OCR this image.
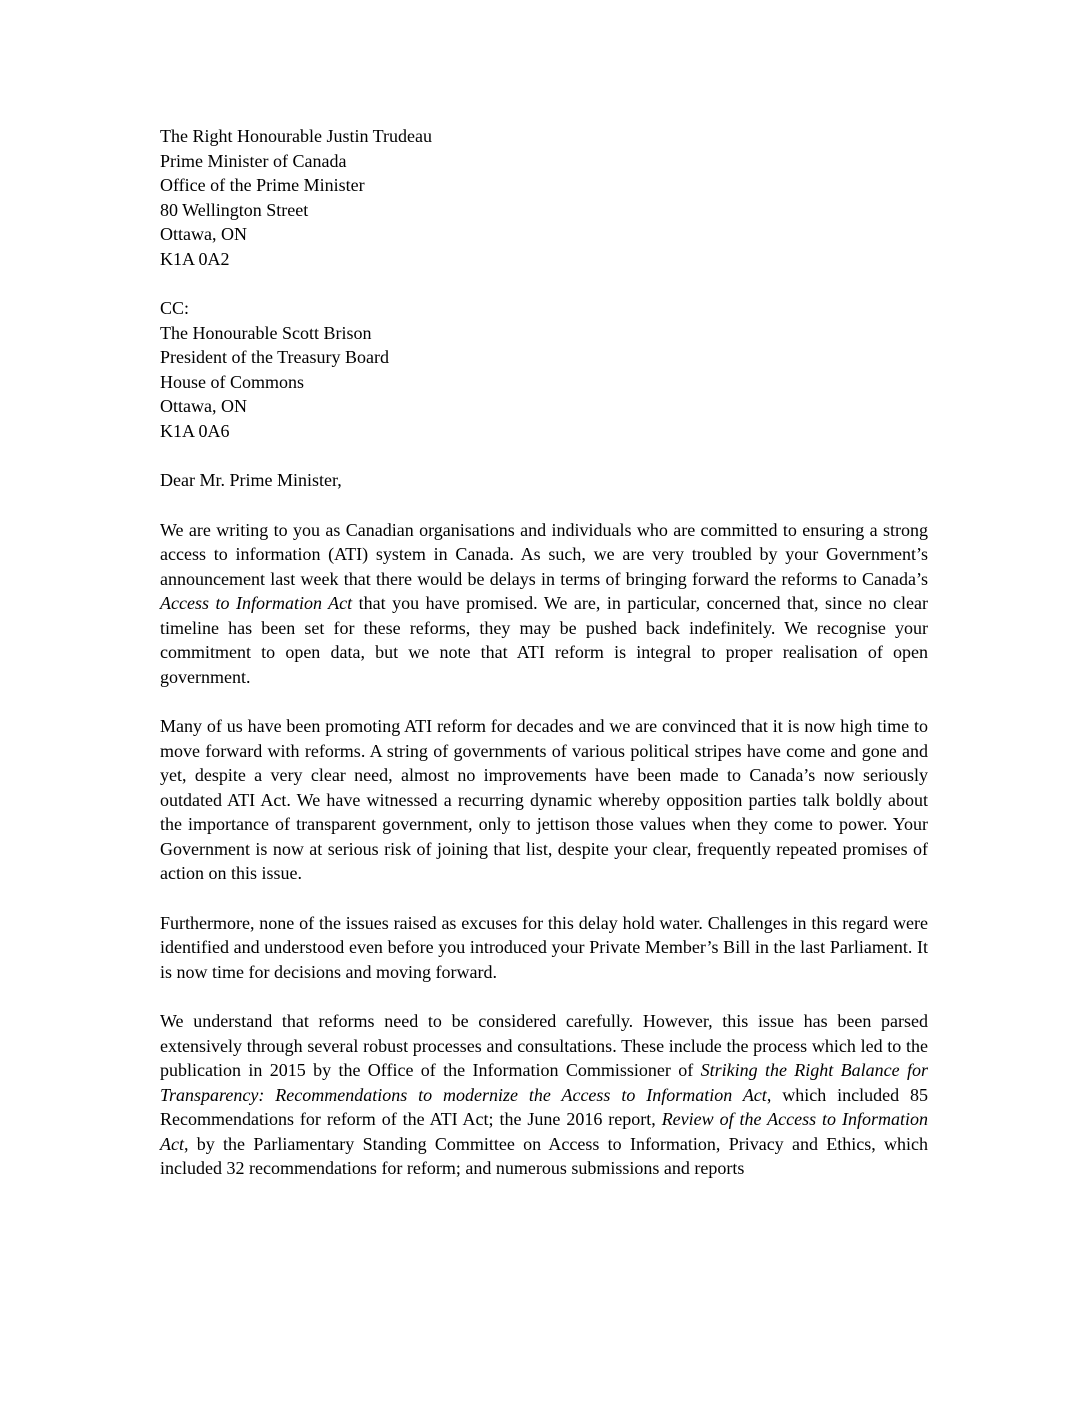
The Right Honourable Justin Trudeau
Prime Minister of Canada
Office of the Prime Minister
80 Wellington Street
Ottawa, ON
K1A 0A2
CC:
The Honourable Scott Brison
President of the Treasury Board
House of Commons
Ottawa, ON
K1A 0A6
Dear Mr. Prime Minister,

We are writing to you as Canadian organisations and individuals who are committed to ensuring a strong access to information (ATI) system in Canada. As such, we are very troubled by your Government’s announcement last week that there would be delays in terms of bringing forward the reforms to Canada’s Access to Information Act that you have promised. We are, in particular, concerned that, since no clear timeline has been set for these reforms, they may be pushed back indefinitely. We recognise your commitment to open data, but we note that ATI reform is integral to proper realisation of open government.

Many of us have been promoting ATI reform for decades and we are convinced that it is now high time to move forward with reforms. A string of governments of various political stripes have come and gone and yet, despite a very clear need, almost no improvements have been made to Canada’s now seriously outdated ATI Act. We have witnessed a recurring dynamic whereby opposition parties talk boldly about the importance of transparent government, only to jettison those values when they come to power. Your Government is now at serious risk of joining that list, despite your clear, frequently repeated promises of action on this issue.

Furthermore, none of the issues raised as excuses for this delay hold water. Challenges in this regard were identified and understood even before you introduced your Private Member’s Bill in the last Parliament. It is now time for decisions and moving forward.

We understand that reforms need to be considered carefully. However, this issue has been parsed extensively through several robust processes and consultations. These include the process which led to the publication in 2015 by the Office of the Information Commissioner of Striking the Right Balance for Transparency: Recommendations to modernize the Access to Information Act, which included 85 Recommendations for reform of the ATI Act; the June 2016 report, Review of the Access to Information Act, by the Parliamentary Standing Committee on Access to Information, Privacy and Ethics, which included 32 recommendations for reform; and numerous submissions and reports
